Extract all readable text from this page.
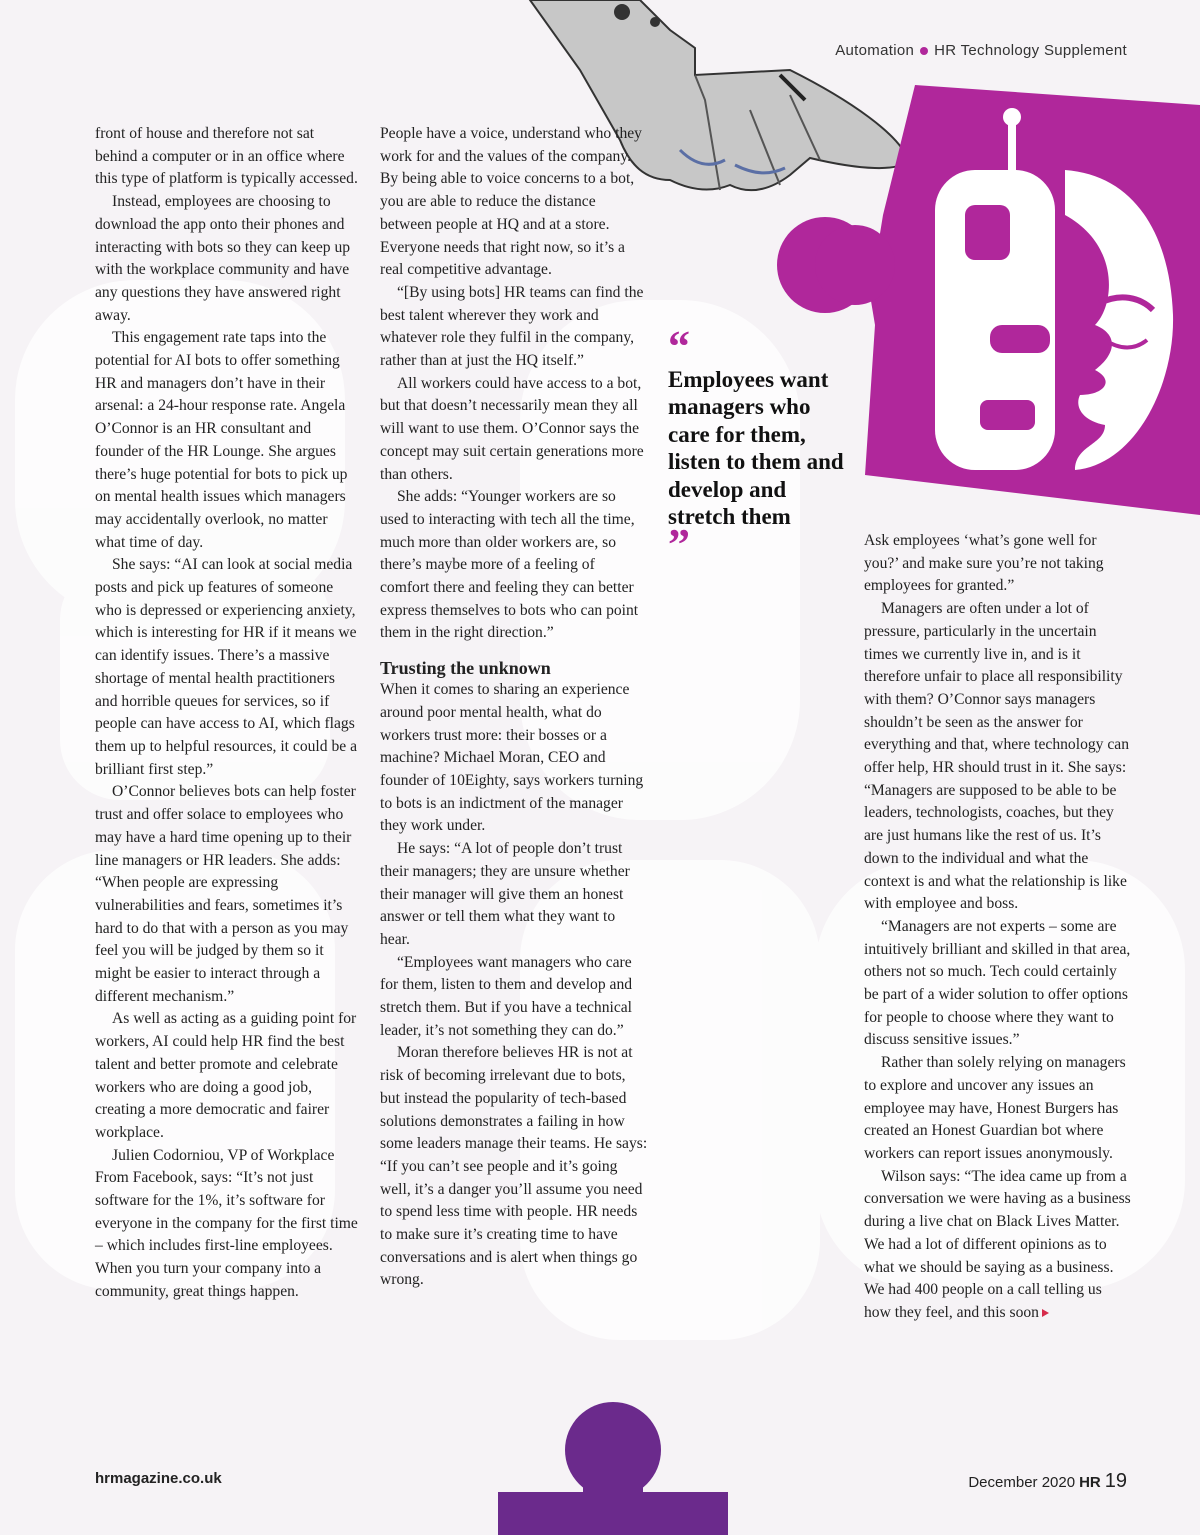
Automation HR Technology Supplement

front of house and therefore not sat behind a computer or in an office where this type of platform is typically accessed.

Instead, employees are choosing to download the app onto their phones and interacting with bots so they can keep up with the workplace community and have any questions they have answered right away.

This engagement rate taps into the potential for AI bots to offer something HR and managers don’t have in their arsenal: a 24-hour response rate. Angela O’Connor is an HR consultant and founder of the HR Lounge. She argues there’s huge potential for bots to pick up on mental health issues which managers may accidentally overlook, no matter what time of day.

She says: “AI can look at social media posts and pick up features of someone who is depressed or experiencing anxiety, which is interesting for HR if it means we can identify issues. There’s a massive shortage of mental health practitioners and horrible queues for services, so if people can have access to AI, which flags them up to helpful resources, it could be a brilliant first step.”

O’Connor believes bots can help foster trust and offer solace to employees who may have a hard time opening up to their line managers or HR leaders. She adds: “When people are expressing vulnerabilities and fears, sometimes it’s hard to do that with a person as you may feel you will be judged by them so it might be easier to interact through a different mechanism.”

As well as acting as a guiding point for workers, AI could help HR find the best talent and better promote and celebrate workers who are doing a good job, creating a more democratic and fairer workplace.

Julien Codorniou, VP of Workplace From Facebook, says: “It’s not just software for the 1%, it’s software for everyone in the company for the first time – which includes first-line employees. When you turn your company into a community, great things happen.

People have a voice, understand who they work for and the values of the company. By being able to voice concerns to a bot, you are able to reduce the distance between people at HQ and at a store. Everyone needs that right now, so it’s a real competitive advantage.

“[By using bots] HR teams can find the best talent wherever they work and whatever role they fulfil in the company, rather than at just the HQ itself.”

All workers could have access to a bot, but that doesn’t necessarily mean they all will want to use them. O’Connor says the concept may suit certain generations more than others.

She adds: “Younger workers are so used to interacting with tech all the time, much more than older workers are, so there’s maybe more of a feeling of comfort there and feeling they can better express themselves to bots who can point them in the right direction.”

Trusting the unknown

When it comes to sharing an experience around poor mental health, what do workers trust more: their bosses or a machine? Michael Moran, CEO and founder of 10Eighty, says workers turning to bots is an indictment of the manager they work under.

He says: “A lot of people don’t trust their managers; they are unsure whether their manager will give them an honest answer or tell them what they want to hear.

“Employees want managers who care for them, listen to them and develop and stretch them. But if you have a technical leader, it’s not something they can do.”

Moran therefore believes HR is not at risk of becoming irrelevant due to bots, but instead the popularity of tech-based solutions demonstrates a failing in how some leaders manage their teams. He says: “If you can’t see people and it’s going well, it’s a danger you’ll assume you need to spend less time with people. HR needs to make sure it’s creating time to have conversations and is alert when things go wrong.

“
Employees want managers who care for them, listen to them and develop and stretch them
”	Ask employees ‘what’s gone well for you?’ and make sure you’re not taking employees for granted.”

Managers are often under a lot of pressure, particularly in the uncertain times we currently live in, and is it therefore unfair to place all responsibility with them? O’Connor says managers shouldn’t be seen as the answer for everything and that, where technology can offer help, HR should trust in it. She says: “Managers are supposed to be able to be leaders, technologists, coaches, but they are just humans like the rest of us. It’s down to the individual and what the context is and what the relationship is like with employee and boss.

“Managers are not experts – some are intuitively brilliant and skilled in that area, others not so much. Tech could certainly be part of a wider solution to offer options for people to choose where they want to discuss sensitive issues.”

Rather than solely relying on managers to explore and uncover any issues an employee may have, Honest Burgers has created an Honest Guardian bot where workers can report issues anonymously.

Wilson says: “The idea came up from a conversation we were having as a business during a live chat on Black Lives Matter. We had a lot of different opinions as to what we should be saying as a business. We had 400 people on a call telling us how they feel, and this soon

hrmagazine.co.uk	December 2020 HR 19
